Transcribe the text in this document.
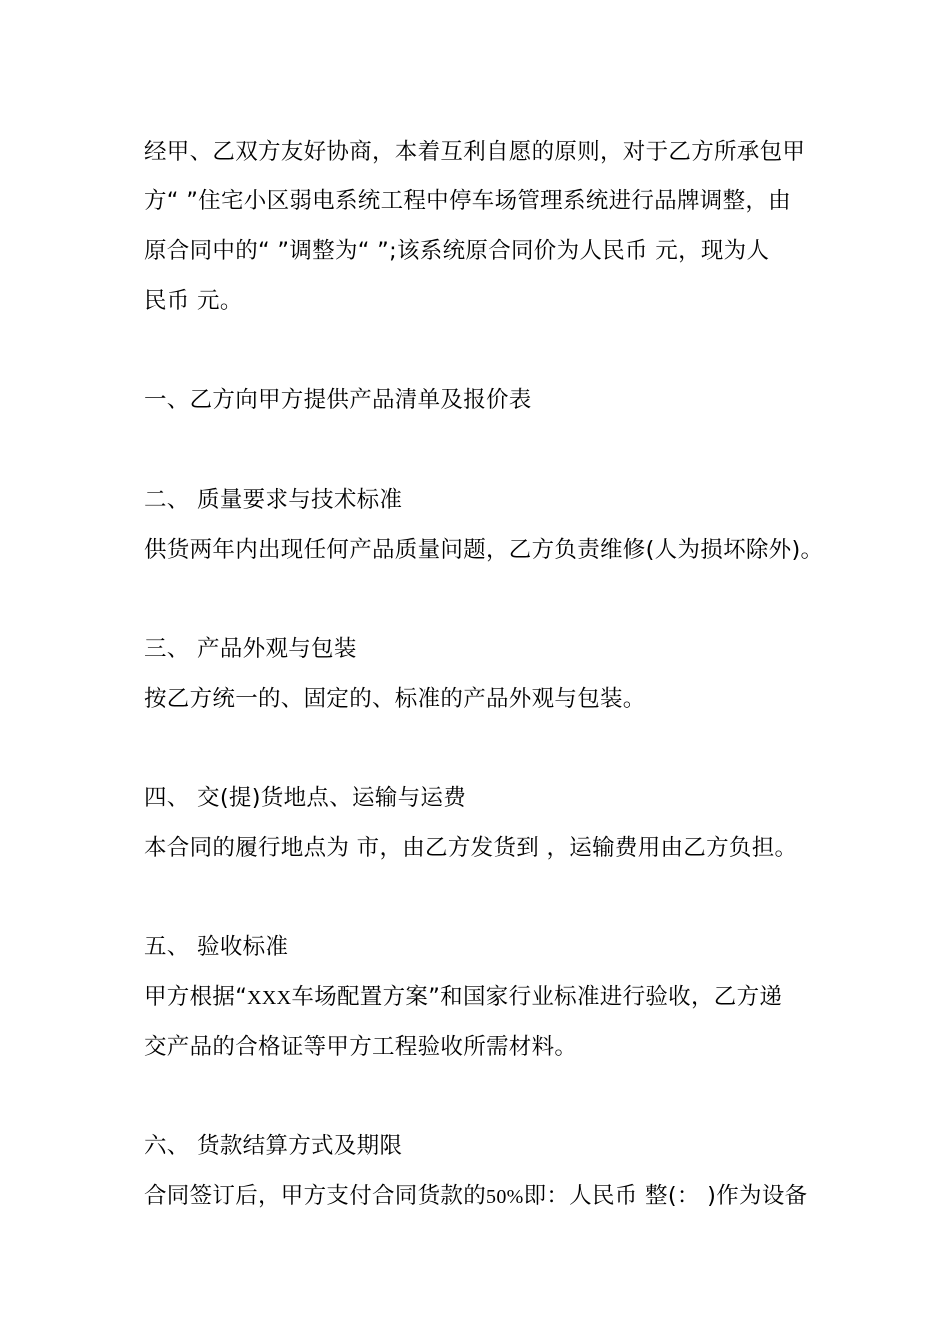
经甲、乙双方友好协商，本着互利自愿的原则，对于乙方所承包甲
方“ ”住宅小区弱电系统工程中停车场管理系统进行品牌调整，由
原合同中的“ ”调整为“ ”;该系统原合同价为人民币 元，现为人
民币 元。
一、乙方向甲方提供产品清单及报价表
二、 质量要求与技术标准
供货两年内出现任何产品质量问题，乙方负责维修(人为损坏除外)。
三、 产品外观与包装
按乙方统一的、固定的、标准的产品外观与包装。
四、 交(提)货地点、运输与运费
本合同的履行地点为 市，由乙方发货到 ，运输费用由乙方负担。
五、 验收标准
甲方根据“XXX车场配置方案”和国家行业标准进行验收，乙方递
交产品的合格证等甲方工程验收所需材料。
六、 货款结算方式及期限
合同签订后，甲方支付合同货款的50%即：人民币 整(： )作为设备
